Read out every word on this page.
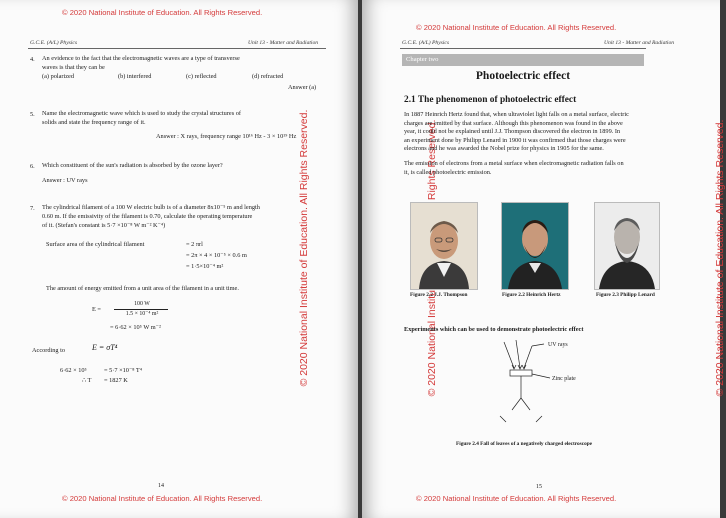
© 2020 National Institute of Education. All Rights Reserved.
G.C.E. (A/L) Physics	Unit 13 - Matter and Radiation
4. An evidence to the fact that the electromagnetic waves are a type of transverse
waves is that they can be
(a) polarized	(b) interfered	(c) reflected	(d) refracted
Answer (a)
5. Name the electromagnetic wave which is used to study the crystal structures of
solids and state the frequency range of it.
Answer : X rays, frequency range 10¹⁶ Hz - 3 × 10¹⁹ Hz
6. Which constituent of the sun's radiation is absorbed by the ozone layer?
Answer : UV rays
7. The cylindrical filament of a 100 W electric bulb is of a diameter 8x10⁻⁵ m and length
0.60 m. If the emissivity of the filament is 0.70, calculate the operating temperature
of it. (Stefan's constant is 5·7 ×10⁻⁸ W m⁻² K⁻⁴)
Surface area of the cylindrical filament	= 2 πrl
= 2π × 4 × 10⁻⁵ × 0.6 m
= 1·5×10⁻⁴ m²
The amount of energy emitted from a unit area of the filament in a unit time.
E =
100 W
1.5 × 10⁻⁴ m²
= 6·62 × 10⁵ W m⁻²
According to	E = σT⁴
6·62 × 10⁵	= 5·7 ×10⁻⁸ T⁴
∴ T = 1827 K
14
© 2020 National Institute of Education. All Rights Reserved.
© 2020 National Institute of Education. All Rights Reserved.
© 2020 National Institute of Education. All Rights Reserved.
G.C.E. (A/L) Physics	Unit 13 - Matter and Radiation
© 2020 National Institute of Education. All Rights Reserved.
15
© 2020 National Institute of Education. All Rights Reserved.
Chapter two
Photoelectric effect
2.1 The phenomenon of photoelectric effect
In 1887 Heinrich Hertz found that, when ultraviolet light falls on a metal surface, electric
charges are emitted by that surface. Although this phenomenon was found in the above
year, it could not be explained until J.J. Thompson discovered the electron in 1899. In
an experiment done by Philipp Lenard in 1900 it was confirmed that those charges were
electrons and he was awarded the Nobel prize for physics in 1905 for the same.
The emission of electrons from a metal surface when electromagnetic radiation falls on
it, is called photoelectric emission.
Figure 2.2 J.J. Thompson	Figure 2.2 Heinrich Hertz	Figure 2.3 Philipp Lenard
Experiments which can be used to demonstrate photoelectric effect
UV rays
Zinc plate
Figure 2.4 Fall of leaves of a negatively charged electroscope
